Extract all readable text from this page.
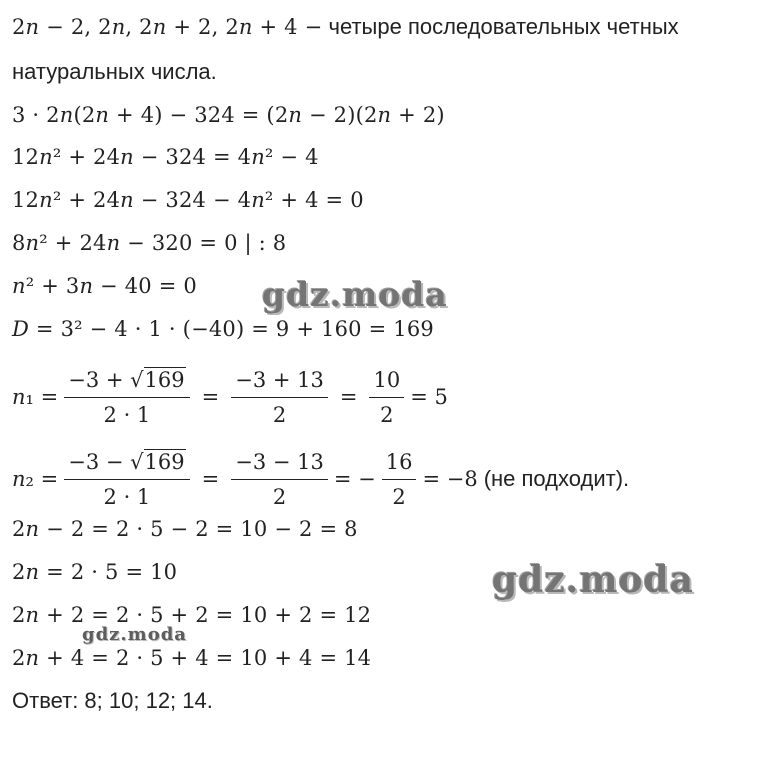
2𝑛 − 2, 2𝑛, 2𝑛 + 2, 2𝑛 + 4 − четыре последовательных четных
натуральных числа.
3 · 2𝑛(2𝑛 + 4) − 324 = (2𝑛 − 2)(2𝑛 + 2)
12𝑛² + 24𝑛 − 324 = 4𝑛² − 4
12𝑛² + 24𝑛 − 324 − 4𝑛² + 4 = 0
8𝑛² + 24𝑛 − 320 = 0 | : 8
𝑛² + 3𝑛 − 40 = 0
𝐷 = 3² − 4 · 1 · (−40) = 9 + 160 = 169
𝑛₁ = $\frac{-3 + √169}{2 \cdot 1} = \frac{-3 + 13}{2} = \frac{10}{2} = 5$
𝑛₂ = $\frac{-3 - √169}{2 \cdot 1} = \frac{-3 - 13}{2}$ = − $\frac{16}{2} = -8$ (не подходит).
2𝑛 − 2 = 2 · 5 − 2 = 10 − 2 = 8
2𝑛 = 2 · 5 = 10
2𝑛 + 2 = 2 · 5 + 2 = 10 + 2 = 12
2𝑛 + 4 = 2 · 5 + 4 = 10 + 4 = 14
Ответ: 8; 10; 12; 14.
gdz.moda
gdz.moda
gdz.moda
